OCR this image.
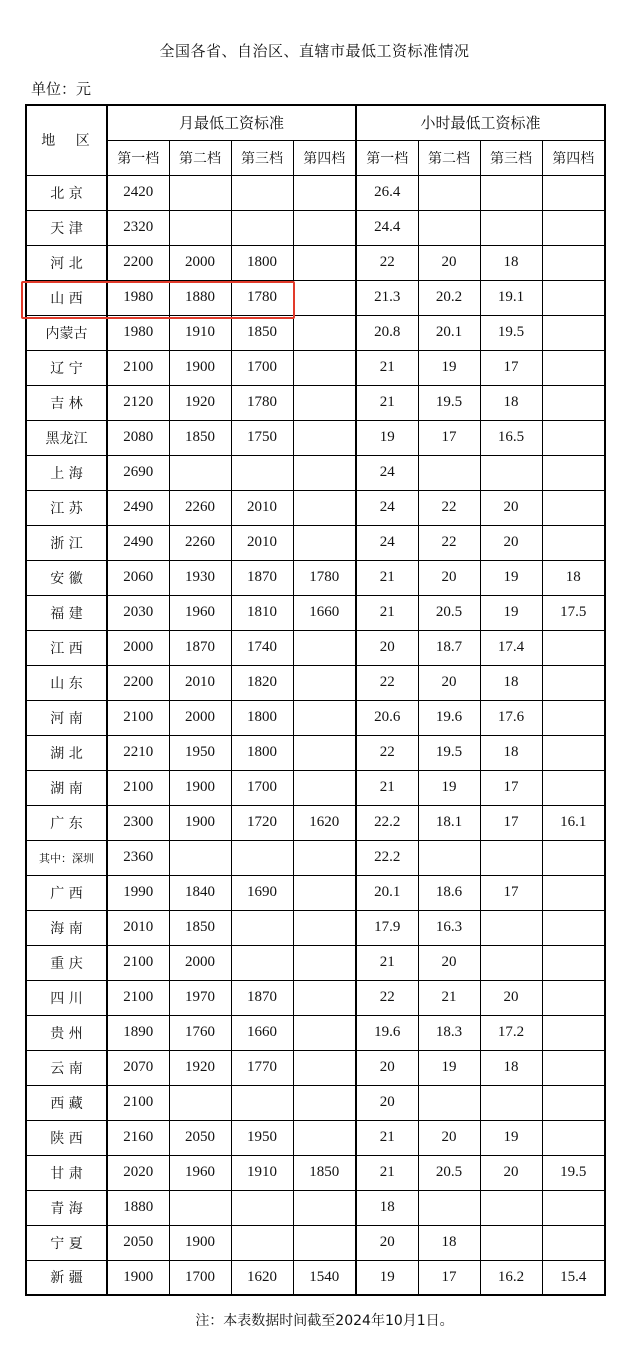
全国各省、自治区、直辖市最低工资标准情况
单位：元
地 区	月最低工资标准				小时最低工资标准			
	第一档	第二档	第三档	第四档	第一档	第二档	第三档	第四档
北 京	2420				26.4			
天 津	2320				24.4			
河 北	2200	2000	1800		22	20	18	
山 西	1980	1880	1780		21.3	20.2	19.1	
内蒙古	1980	1910	1850		20.8	20.1	19.5	
辽 宁	2100	1900	1700		21	19	17	
吉 林	2120	1920	1780		21	19.5	18	
黑龙江	2080	1850	1750		19	17	16.5	
上 海	2690				24			
江 苏	2490	2260	2010		24	22	20	
浙 江	2490	2260	2010		24	22	20	
安 徽	2060	1930	1870	1780	21	20	19	18
福 建	2030	1960	1810	1660	21	20.5	19	17.5
江 西	2000	1870	1740		20	18.7	17.4	
山 东	2200	2010	1820		22	20	18	
河 南	2100	2000	1800		20.6	19.6	17.6	
湖 北	2210	1950	1800		22	19.5	18	
湖 南	2100	1900	1700		21	19	17	
广 东	2300	1900	1720	1620	22.2	18.1	17	16.1
其中：深圳	2360				22.2			
广 西	1990	1840	1690		20.1	18.6	17	
海 南	2010	1850			17.9	16.3		
重 庆	2100	2000			21	20		
四 川	2100	1970	1870		22	21	20	
贵 州	1890	1760	1660		19.6	18.3	17.2	
云 南	2070	1920	1770		20	19	18	
西 藏	2100				20			
陕 西	2160	2050	1950		21	20	19	
甘 肃	2020	1960	1910	1850	21	20.5	20	19.5
青 海	1880				18			
宁 夏	2050	1900			20	18		
新 疆	1900	1700	1620	1540	19	17	16.2	15.4
注：本表数据时间截至2024年10月1日。
